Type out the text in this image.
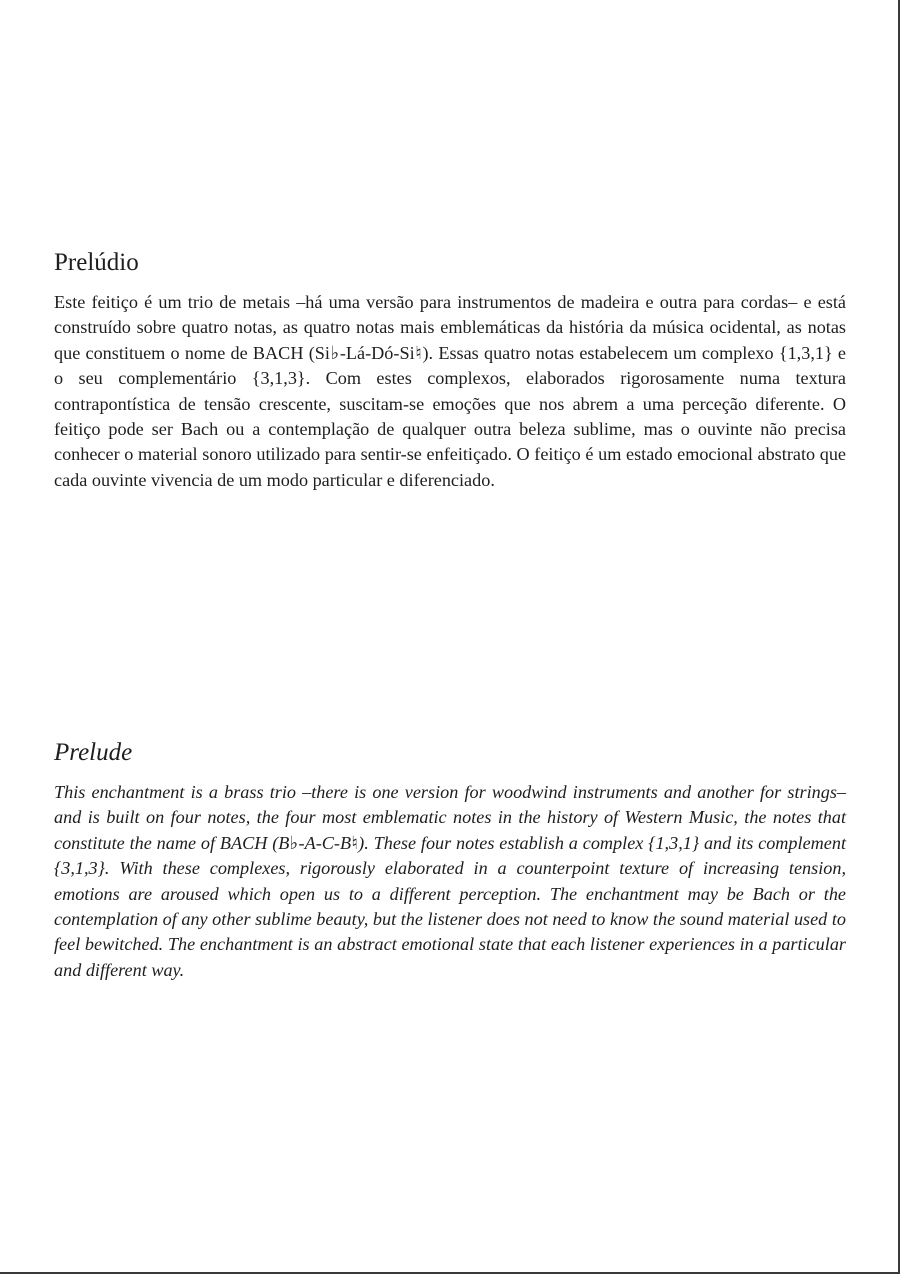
Prelúdio

Este feitiço é um trio de metais –há uma versão para instrumentos de madeira e outra para cordas– e está construído sobre quatro notas, as quatro notas mais emblemáticas da história da música ocidental, as notas que constituem o nome de BACH (Si♭-Lá-Dó-Si♮). Essas quatro notas estabelecem um complexo {1,3,1} e o seu complementário {3,1,3}. Com estes complexos, elaborados rigorosamente numa textura contrapontística de tensão crescente, suscitam-se emoções que nos abrem a uma perceção diferente. O feitiço pode ser Bach ou a contemplação de qualquer outra beleza sublime, mas o ouvinte não precisa conhecer o material sonoro utilizado para sentir-se enfeitiçado. O feitiço é um estado emocional abstrato que cada ouvinte vivencia de um modo particular e diferenciado.

Prelude

This enchantment is a brass trio –there is one version for woodwind instruments and another for strings– and is built on four notes, the four most emblematic notes in the history of Western Music, the notes that constitute the name of BACH (B♭-A-C-B♮). These four notes establish a complex {1,3,1} and its complement {3,1,3}. With these complexes, rigorously elaborated in a counterpoint texture of increasing tension, emotions are aroused which open us to a different perception. The enchantment may be Bach or the contemplation of any other sublime beauty, but the listener does not need to know the sound material used to feel bewitched. The enchantment is an abstract emotional state that each listener experiences in a particular and different way.
